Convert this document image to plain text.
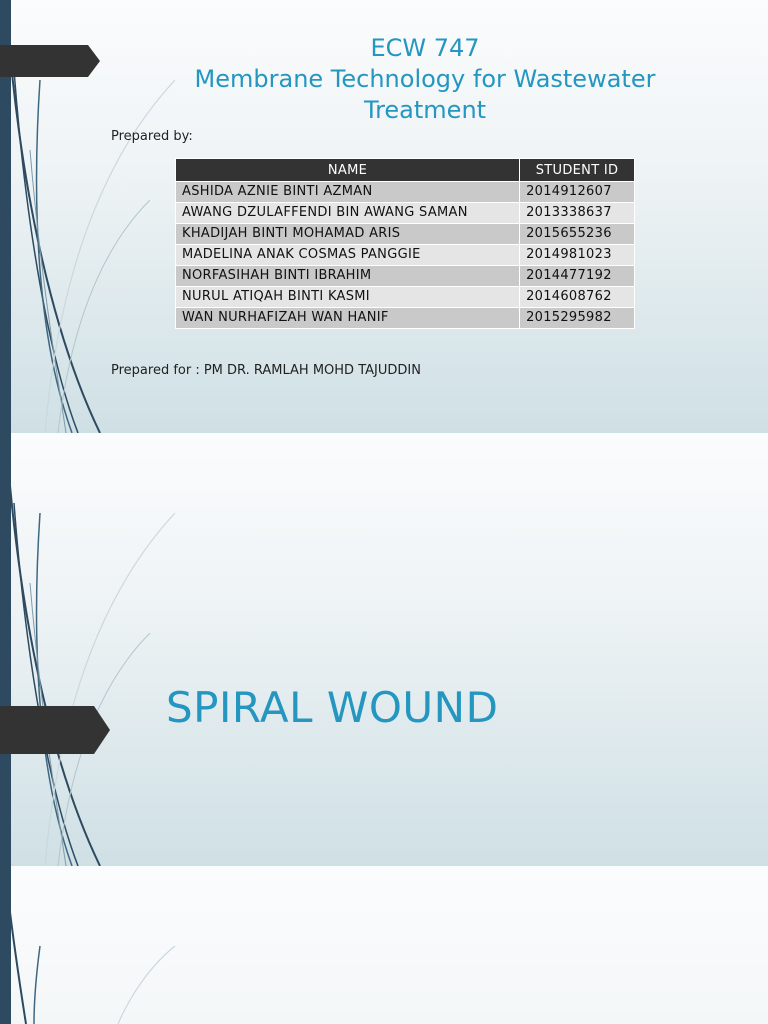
ECW 747
Membrane Technology for Wastewater
Treatment
Prepared by:
NAME	STUDENT ID
ASHIDA AZNIE BINTI AZMAN	2014912607
AWANG DZULAFFENDI BIN AWANG SAMAN	2013338637
KHADIJAH BINTI MOHAMAD ARIS	2015655236
MADELINA ANAK COSMAS PANGGIE	2014981023
NORFASIHAH BINTI IBRAHIM	2014477192
NURUL ATIQAH BINTI KASMI	2014608762
WAN NURHAFIZAH WAN HANIF	2015295982
Prepared for : PM DR. RAMLAH MOHD TAJUDDIN
SPIRAL WOUND
